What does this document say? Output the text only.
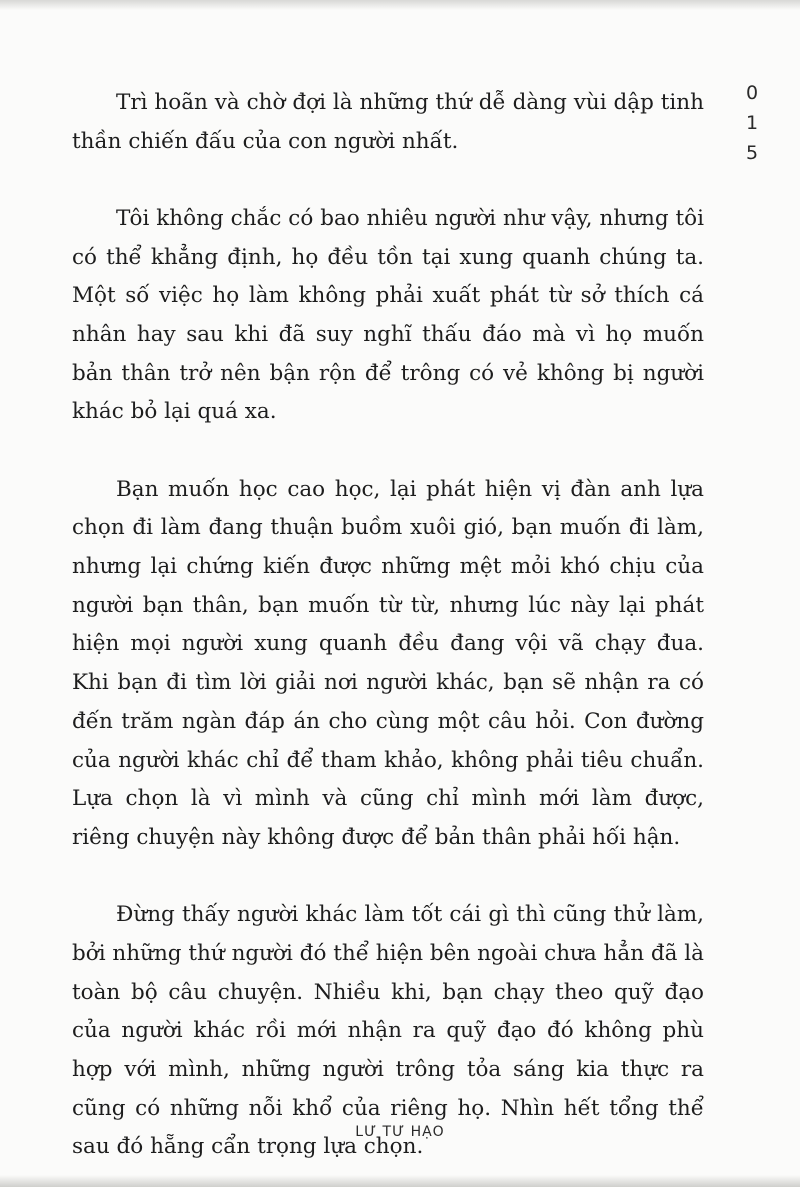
0
1
5

Trì hoãn và chờ đợi là những thứ dễ dàng vùi dập tinh thần chiến đấu của con người nhất.

Tôi không chắc có bao nhiêu người như vậy, nhưng tôi có thể khẳng định, họ đều tồn tại xung quanh chúng ta. Một số việc họ làm không phải xuất phát từ sở thích cá nhân hay sau khi đã suy nghĩ thấu đáo mà vì họ muốn bản thân trở nên bận rộn để trông có vẻ không bị người khác bỏ lại quá xa.

Bạn muốn học cao học, lại phát hiện vị đàn anh lựa chọn đi làm đang thuận buồm xuôi gió, bạn muốn đi làm, nhưng lại chứng kiến được những mệt mỏi khó chịu của người bạn thân, bạn muốn từ từ, nhưng lúc này lại phát hiện mọi người xung quanh đều đang vội vã chạy đua. Khi bạn đi tìm lời giải nơi người khác, bạn sẽ nhận ra có đến trăm ngàn đáp án cho cùng một câu hỏi. Con đường của người khác chỉ để tham khảo, không phải tiêu chuẩn. Lựa chọn là vì mình và cũng chỉ mình mới làm được, riêng chuyện này không được để bản thân phải hối hận.

Đừng thấy người khác làm tốt cái gì thì cũng thử làm, bởi những thứ người đó thể hiện bên ngoài chưa hẳn đã là toàn bộ câu chuyện. Nhiều khi, bạn chạy theo quỹ đạo của người khác rồi mới nhận ra quỹ đạo đó không phù hợp với mình, những người trông tỏa sáng kia thực ra cũng có những nỗi khổ của riêng họ. Nhìn hết tổng thể sau đó hẵng cẩn trọng lựa chọn.

LƯ TƯ HẠO
